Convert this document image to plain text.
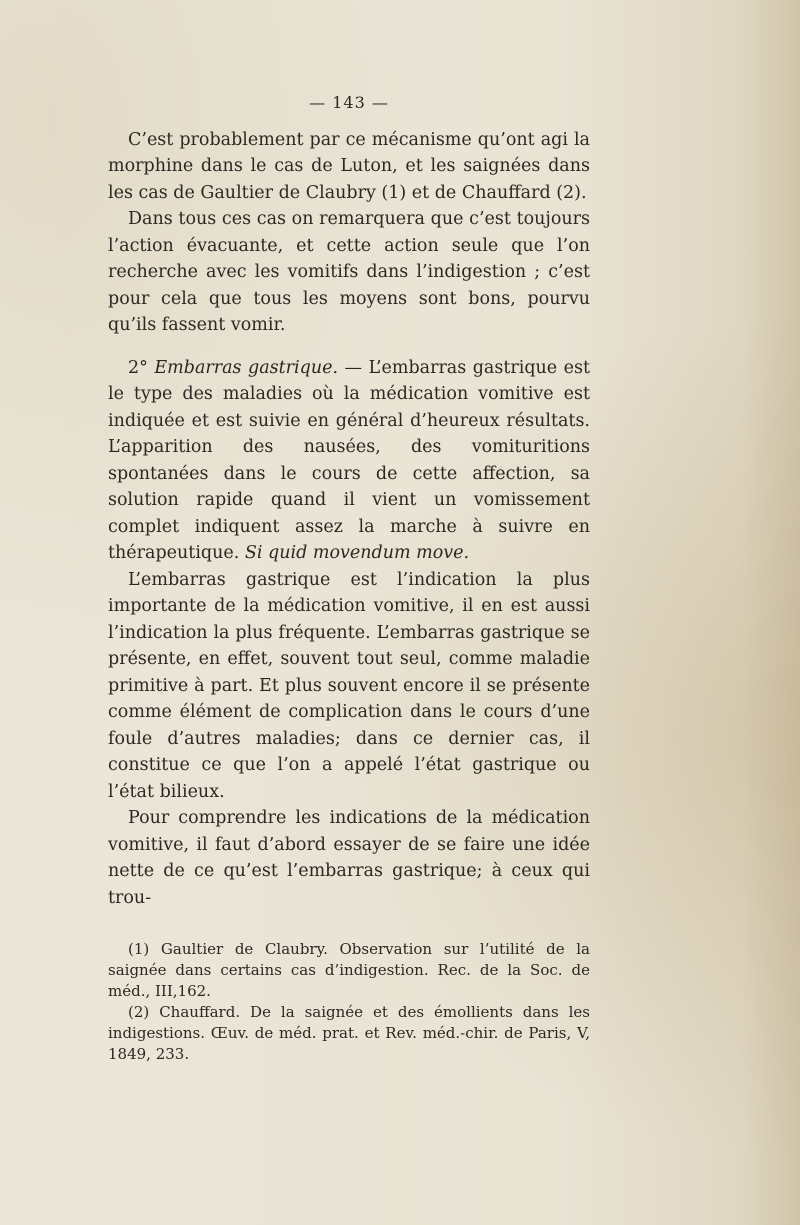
— 143 —

C’est probablement par ce mécanisme qu’ont agi la morphine dans le cas de Luton, et les saignées dans les cas de Gaultier de Claubry (1) et de Chauffard (2).

Dans tous ces cas on remarquera que c’est toujours l’action évacuante, et cette action seule que l’on recherche avec les vomitifs dans l’indigestion ; c’est pour cela que tous les moyens sont bons, pourvu qu’ils fassent vomir.

2° Embarras gastrique. — L’embarras gastrique est le type des maladies où la médication vomitive est indiquée et est suivie en général d’heureux résultats. L’apparition des nausées, des vomituritions spontanées dans le cours de cette affection, sa solution rapide quand il vient un vomissement complet indiquent assez la marche à suivre en thérapeutique. Si quid movendum move.

L’embarras gastrique est l’indication la plus importante de la médication vomitive, il en est aussi l’indication la plus fréquente. L’embarras gastrique se présente, en effet, souvent tout seul, comme maladie primitive à part. Et plus souvent encore il se présente comme élément de complication dans le cours d’une foule d’autres maladies; dans ce dernier cas, il constitue ce que l’on a appelé l’état gastrique ou l’état bilieux.

Pour comprendre les indications de la médication vomitive, il faut d’abord essayer de se faire une idée nette de ce qu’est l’embarras gastrique; à ceux qui trou-

(1) Gaultier de Claubry. Observation sur l’utilité de la saignée dans certains cas d’indigestion. Rec. de la Soc. de méd., III,162.

(2) Chauffard. De la saignée et des émollients dans les indigestions. Œuv. de méd. prat. et Rev. méd.-chir. de Paris, V, 1849, 233.
